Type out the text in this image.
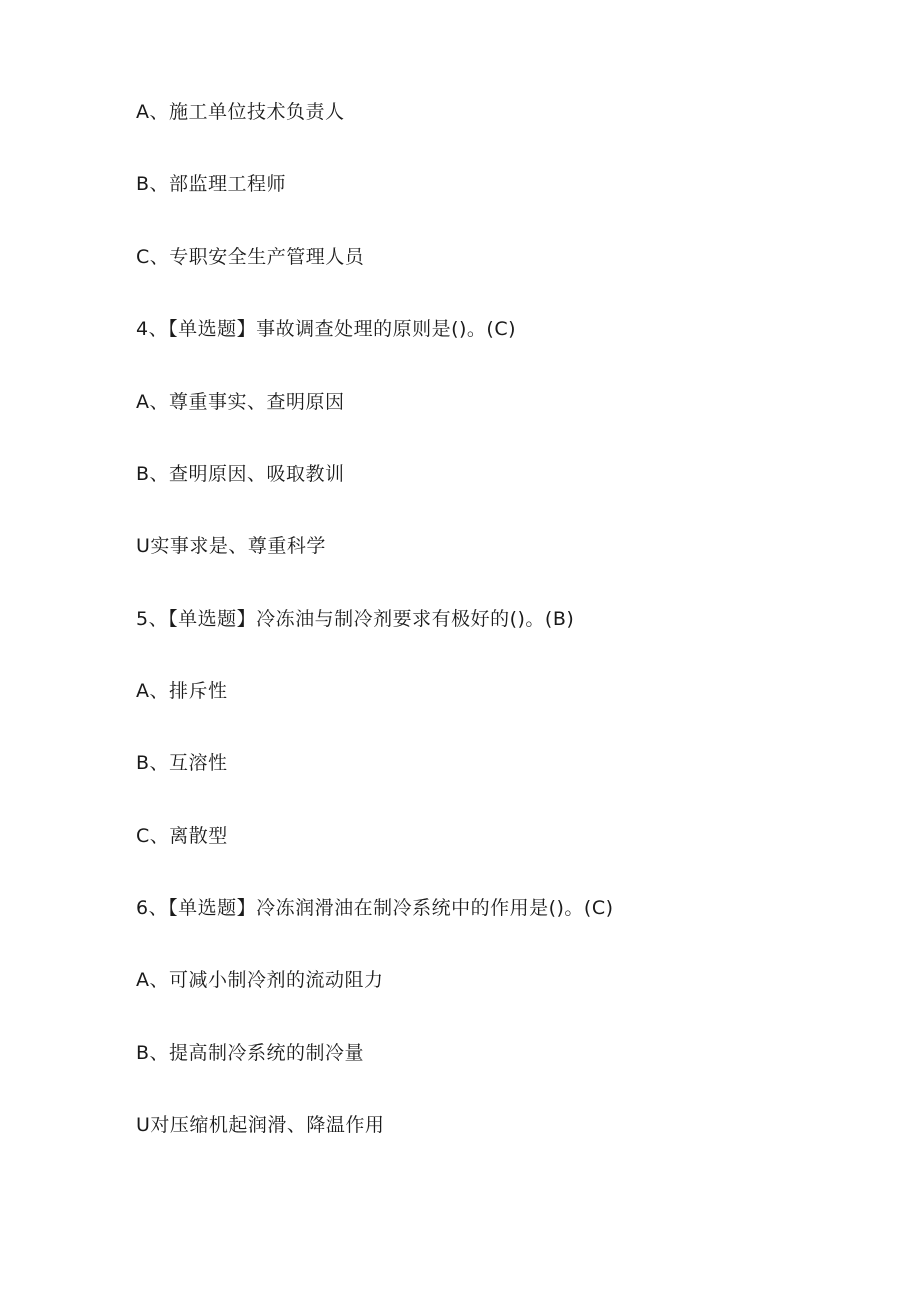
A、施工单位技术负责人
B、部监理工程师
C、专职安全生产管理人员
4、【单选题】事故调查处理的原则是()。(C)
A、尊重事实、查明原因
B、查明原因、吸取教训
U实事求是、尊重科学
5、【单选题】冷冻油与制冷剂要求有极好的()。(B)
A、排斥性
B、互溶性
C、离散型
6、【单选题】冷冻润滑油在制冷系统中的作用是()。(C)
A、可减小制冷剂的流动阻力
B、提高制冷系统的制冷量
U对压缩机起润滑、降温作用
